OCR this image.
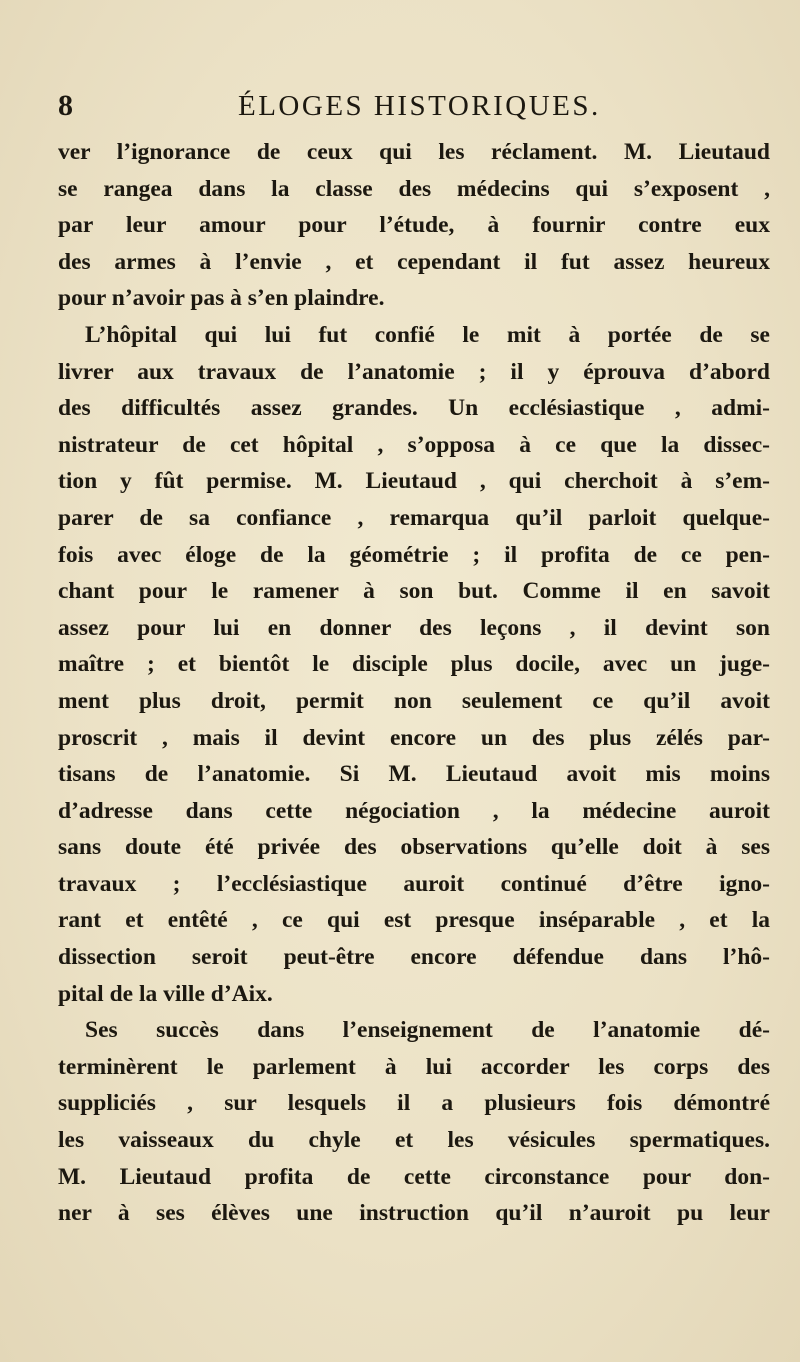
8	ÉLOGES HISTORIQUES.
ver l’ignorance de ceux qui les réclament. M. Lieutaud
se rangea dans la classe des médecins qui s’exposent ,
par leur amour pour l’étude, à fournir contre eux
des armes à l’envie , et cependant il fut assez heureux
pour n’avoir pas à s’en plaindre.
L’hôpital qui lui fut confié le mit à portée de se
livrer aux travaux de l’anatomie ; il y éprouva d’abord
des difficultés assez grandes. Un ecclésiastique , admi-
nistrateur de cet hôpital , s’opposa à ce que la dissec-
tion y fût permise. M. Lieutaud , qui cherchoit à s’em-
parer de sa confiance , remarqua qu’il parloit quelque-
fois avec éloge de la géométrie ; il profita de ce pen-
chant pour le ramener à son but. Comme il en savoit
assez pour lui en donner des leçons , il devint son
maître ; et bientôt le disciple plus docile, avec un juge-
ment plus droit, permit non seulement ce qu’il avoit
proscrit , mais il devint encore un des plus zélés par-
tisans de l’anatomie. Si M. Lieutaud avoit mis moins
d’adresse dans cette négociation , la médecine auroit
sans doute été privée des observations qu’elle doit à ses
travaux ; l’ecclésiastique auroit continué d’être igno-
rant et entêté , ce qui est presque inséparable , et la
dissection seroit peut-être encore défendue dans l’hô-
pital de la ville d’Aix.
Ses succès dans l’enseignement de l’anatomie dé-
terminèrent le parlement à lui accorder les corps des
suppliciés , sur lesquels il a plusieurs fois démontré
les vaisseaux du chyle et les vésicules spermatiques.
M. Lieutaud profita de cette circonstance pour don-
ner à ses élèves une instruction qu’il n’auroit pu leur
